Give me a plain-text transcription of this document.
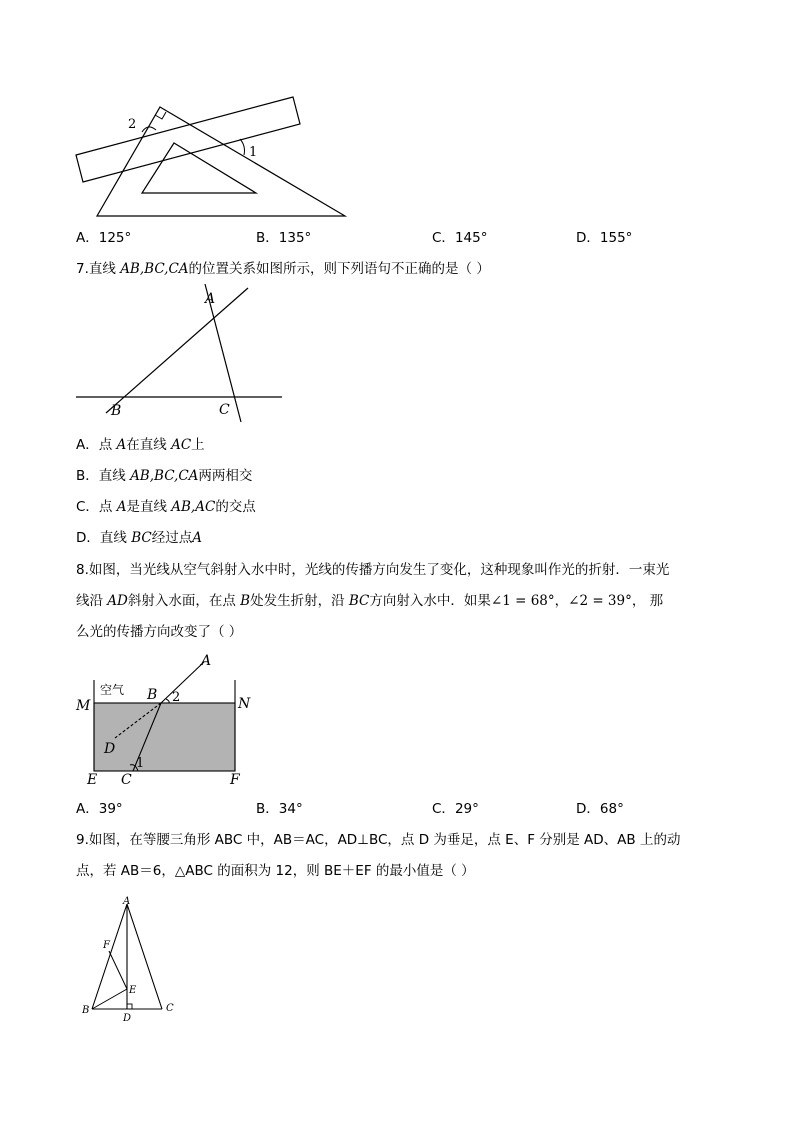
2
1
A．125°	B．135°	C．145°	D．155°
7.直线 AB,BC,CA的位置关系如图所示，则下列语句不正确的是（ ）
A
B	C
A．点 A在直线 AC上
B．直线 AB,BC,CA两两相交
C．点 A是直线 AB,AC的交点
D．直线 BC经过点A
8.如图，当光线从空气斜射入水中时，光线的传播方向发生了变化，这种现象叫作光的折射．一束光
线沿 AD斜射入水面，在点 B处发生折射，沿 BC方向射入水中．如果∠1 = 68°，∠2 = 39°， 那
么光的传播方向改变了（ ）
空气
A
B 2
D
M	N
1
E C	F
A．39°	B．34°	C．29°	D．68°
9.如图，在等腰三角形 ABC 中，AB＝AC，AD⊥BC，点 D 为垂足，点 E、F 分别是 AD、AB 上的动
点，若 AB＝6，△ABC 的面积为 12，则 BE＋EF 的最小值是（ ）
A
F
E
B	C
D
